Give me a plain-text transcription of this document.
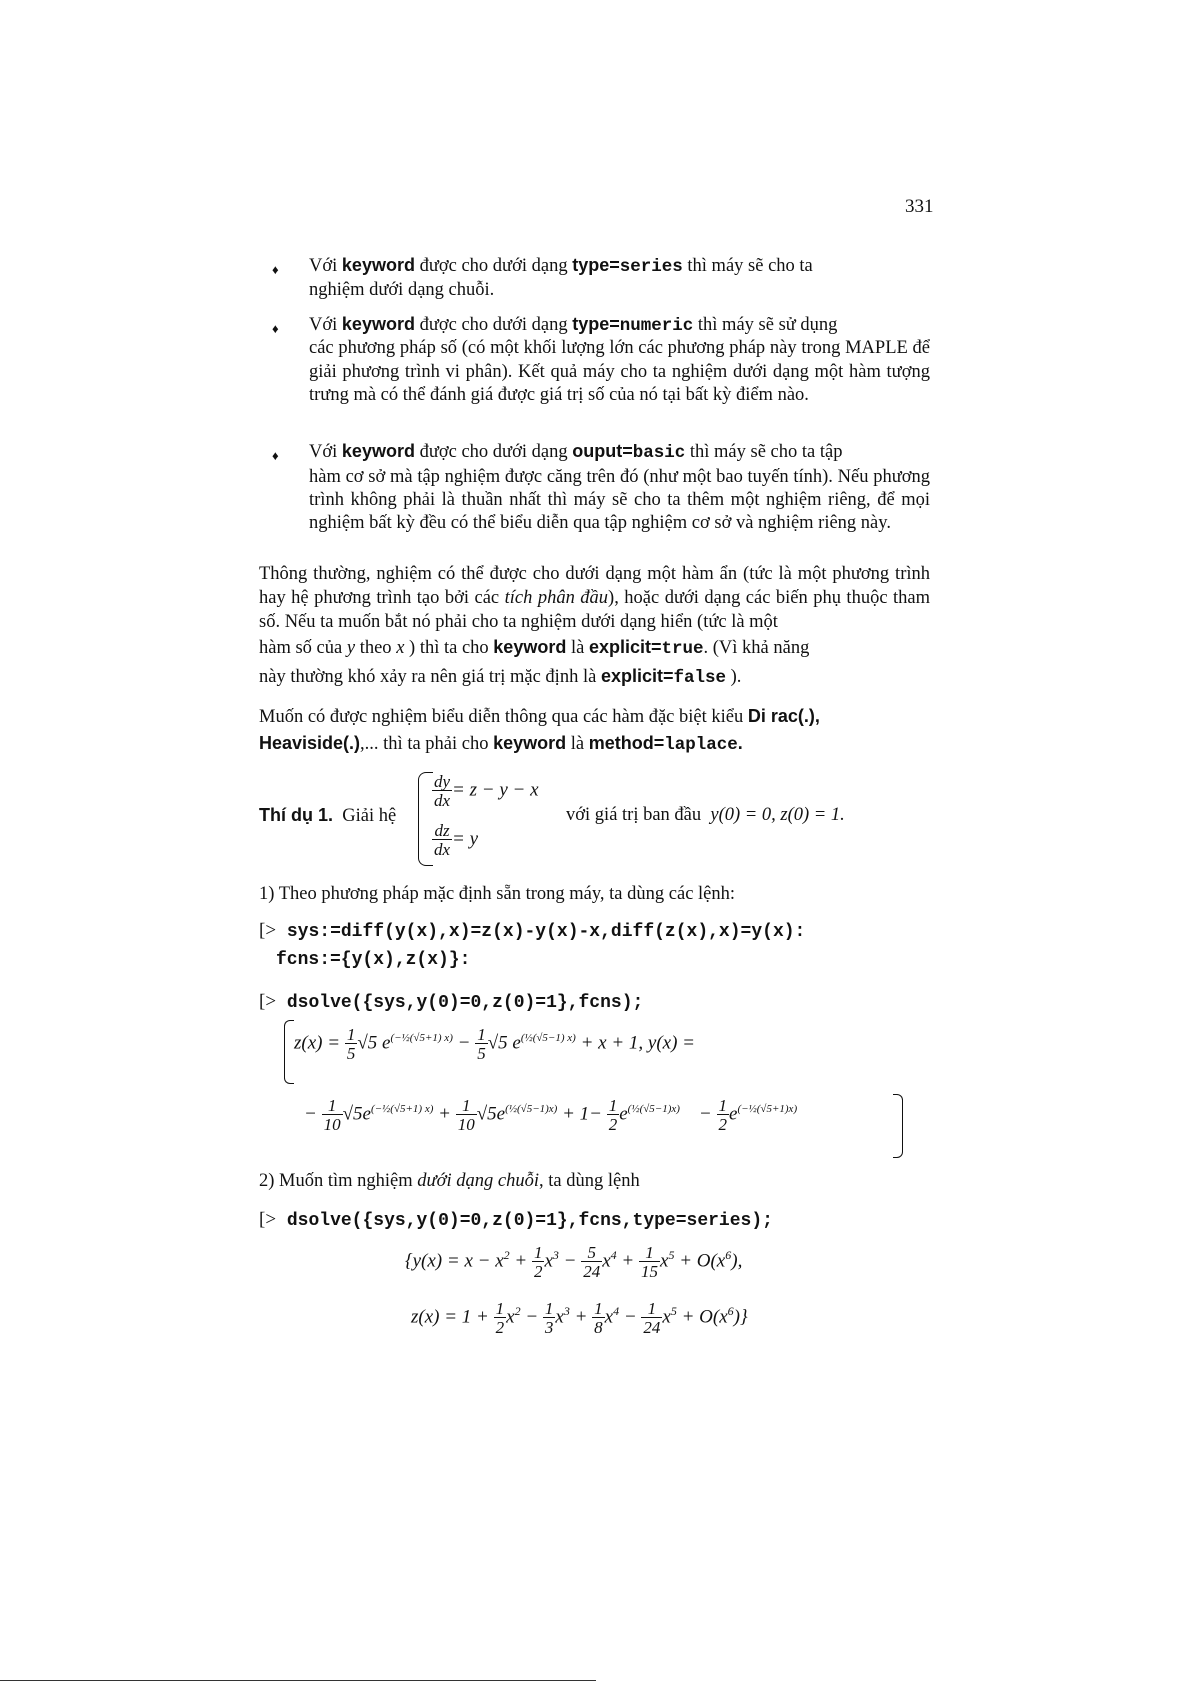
331
♦ Với keyword được cho dưới dạng type=series thì máy sẽ cho ta
nghiệm dưới dạng chuỗi.
♦ Với keyword được cho dưới dạng type=numeric thì máy sẽ sử dụng
các phương pháp số (có một khối lượng lớn các phương pháp này trong MAPLE để giải phương trình vi phân). Kết quả máy cho ta nghiệm dưới dạng một hàm tượng trưng mà có thể đánh giá được giá trị số của nó tại bất kỳ điểm nào.
♦ Với keyword được cho dưới dạng ouput=basic thì máy sẽ cho ta tập
hàm cơ sở mà tập nghiệm được căng trên đó (như một bao tuyến tính). Nếu phương trình không phải là thuần nhất thì máy sẽ cho ta thêm một nghiệm riêng, để mọi nghiệm bất kỳ đều có thể biểu diễn qua tập nghiệm cơ sở và nghiệm riêng này.
Thông thường, nghiệm có thể được cho dưới dạng một hàm ẩn (tức là một phương trình hay hệ phương trình tạo bởi các tích phân đầu), hoặc dưới dạng các biến phụ thuộc tham số. Nếu ta muốn bắt nó phải cho ta nghiệm dưới dạng hiển (tức là một
hàm số của y theo x ) thì ta cho keyword là explicit=true. (Vì khả năng
này thường khó xảy ra nên giá trị mặc định là explicit=false ).
Muốn có được nghiệm biểu diễn thông qua các hàm đặc biệt kiểu Di rac(.),
Heaviside(.),... thì ta phải cho keyword là method=laplace.
Thí dụ 1. Giải hệ
$\frac{dy}{dx} = z - y - x$
$\frac{dz}{dx} = y$
với giá trị ban đầu y(0) = 0, z(0) = 1.
1) Theo phương pháp mặc định sẵn trong máy, ta dùng các lệnh:
[> sys:=diff(y(x),x)=z(x)-y(x)-x,diff(z(x),x)=y(x):
fcns:={y(x),z(x)}:
[> dsolve({sys,y(0)=0,z(0)=1},fcns);
$z(x) = \frac{1}{5} √5$ $e^{(-\frac{1}{2}(√5+1) x)} - \frac{1}{5} √5$ $e^{(\frac{1}{2}(√5-1) x)} + x + 1$, y(x) =
− $\frac{1}{10} √5e^{(-\frac{1}{2}(√5+1) x)} + \frac{1}{10} √5e^{(\frac{1}{2}(√5-1)x)} + 1- \frac{1}{2} e^{(\frac{1}{2}(√5-1)x)}$    − $\frac{1}{2} e^{(-\frac{1}{2}(√5+1)x)}$
2) Muốn tìm nghiệm dưới dạng chuỗi, ta dùng lệnh
[> dsolve({sys,y(0)=0,z(0)=1},fcns,type=series);
{$y(x) = x - x^2 + \frac{1}{2} x^3 - \frac{5}{24} x^4 + \frac{1}{15} x^5 + O(x^6)$,
$z(x) = 1 + \frac{1}{2} x^2 - \frac{1}{3} x^3 + \frac{1}{8} x^4 - \frac{1}{24} x^5 + O(x^6)$}
